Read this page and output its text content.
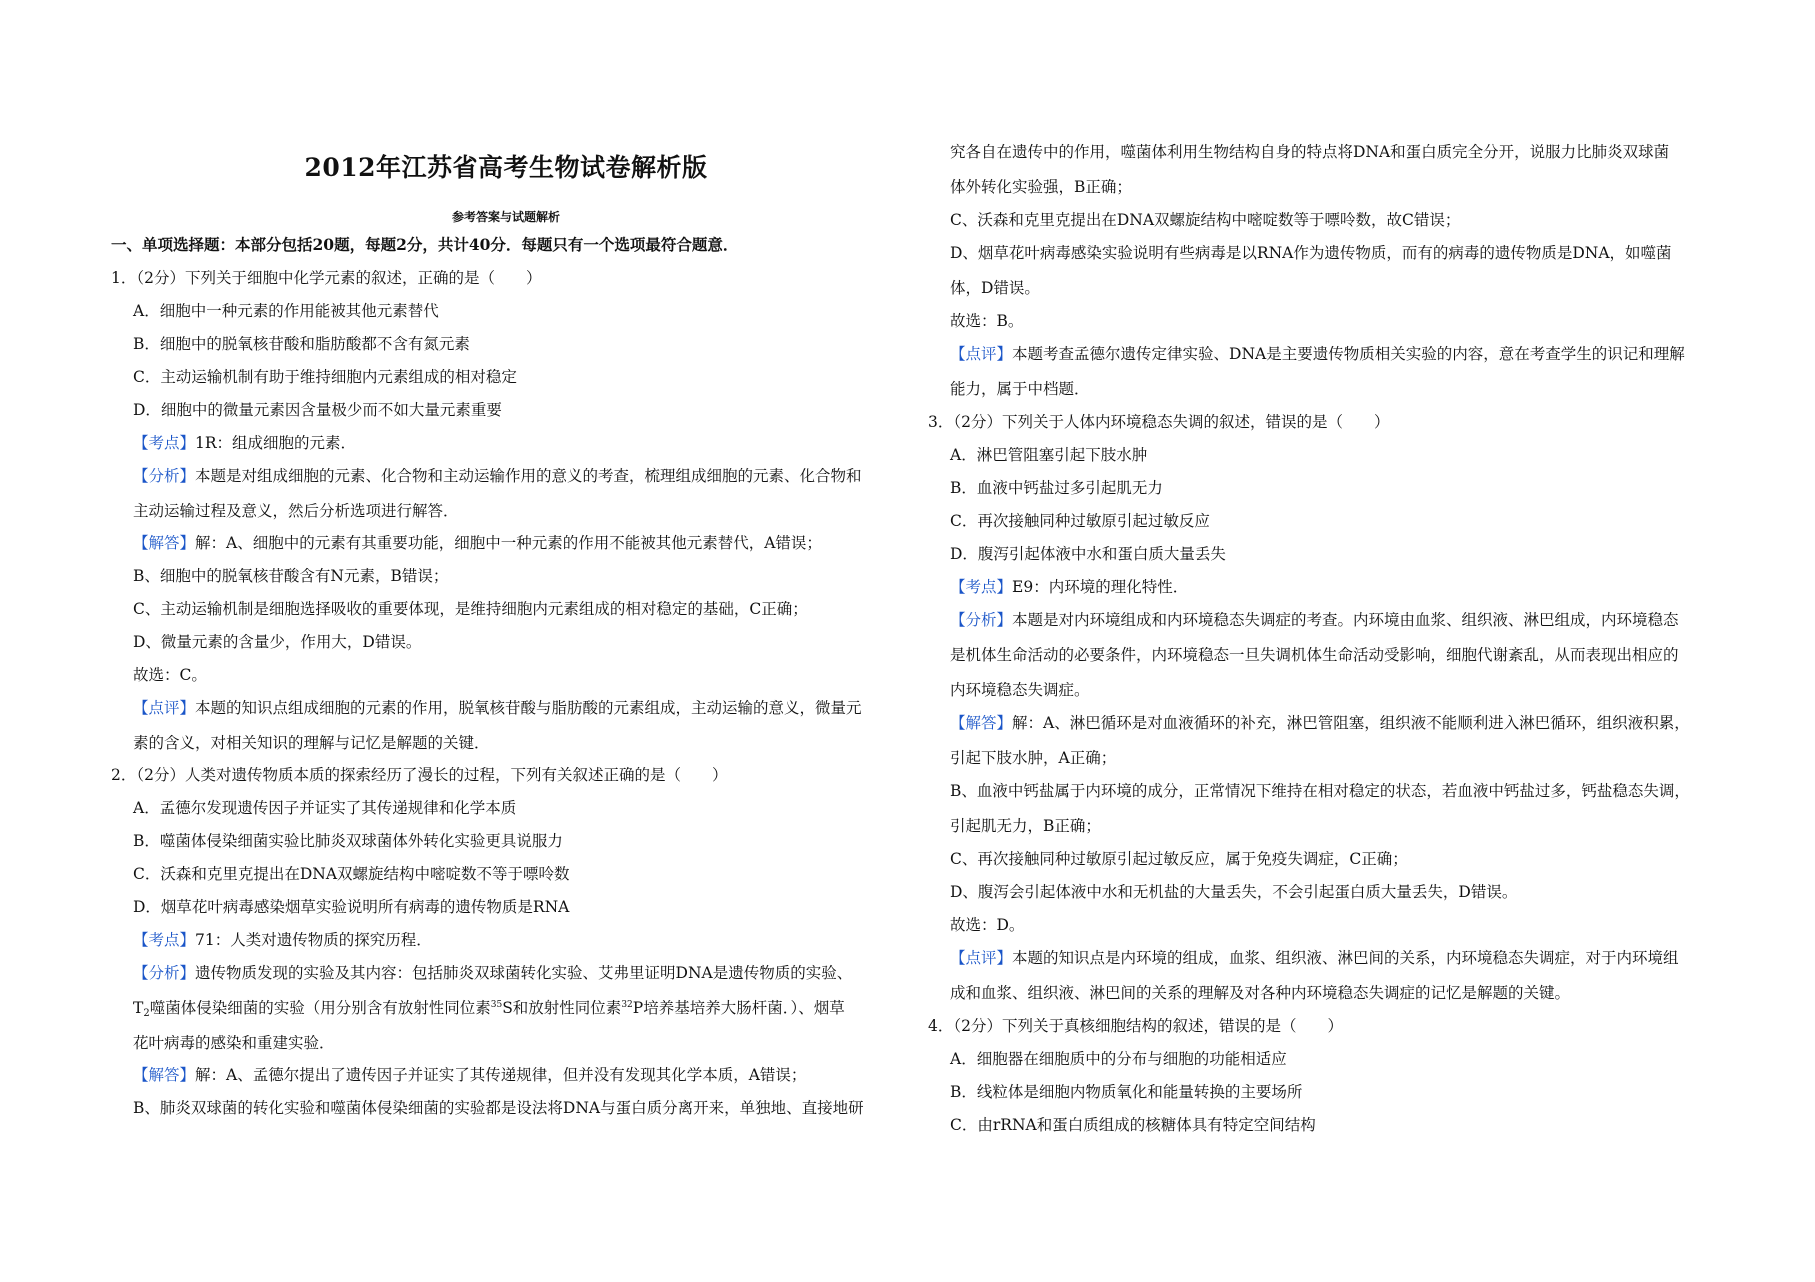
2012年江苏省高考生物试卷解析版
参考答案与试题解析
一、单项选择题：本部分包括20题，每题2分，共计40分．每题只有一个选项最符合题意．
1．（2分）下列关于细胞中化学元素的叙述，正确的是（　　）
A．细胞中一种元素的作用能被其他元素替代
B．细胞中的脱氧核苷酸和脂肪酸都不含有氮元素
C．主动运输机制有助于维持细胞内元素组成的相对稳定
D．细胞中的微量元素因含量极少而不如大量元素重要
【考点】1R：组成细胞的元素．
【分析】本题是对组成细胞的元素、化合物和主动运输作用的意义的考查，梳理组成细胞的元素、化合物和
主动运输过程及意义，然后分析选项进行解答．
【解答】解：A、细胞中的元素有其重要功能，细胞中一种元素的作用不能被其他元素替代，A错误；
B、细胞中的脱氧核苷酸含有N元素，B错误；
C、主动运输机制是细胞选择吸收的重要体现，是维持细胞内元素组成的相对稳定的基础，C正确；
D、微量元素的含量少，作用大，D错误。
故选：C。
【点评】本题的知识点组成细胞的元素的作用，脱氧核苷酸与脂肪酸的元素组成，主动运输的意义，微量元
素的含义，对相关知识的理解与记忆是解题的关键．
2．（2分）人类对遗传物质本质的探索经历了漫长的过程，下列有关叙述正确的是（　　）
A．孟德尔发现遗传因子并证实了其传递规律和化学本质
B．噬菌体侵染细菌实验比肺炎双球菌体外转化实验更具说服力
C．沃森和克里克提出在DNA双螺旋结构中嘧啶数不等于嘌呤数
D．烟草花叶病毒感染烟草实验说明所有病毒的遗传物质是RNA
【考点】71：人类对遗传物质的探究历程．
【分析】遗传物质发现的实验及其内容：包括肺炎双球菌转化实验、艾弗里证明DNA是遗传物质的实验、
$T_2$噬菌体侵染细菌的实验（用分别含有放射性同位素$^{35}$S和放射性同位素$^{32}$P培养基培养大肠杆菌．）、烟草
花叶病毒的感染和重建实验．
【解答】解：A、孟德尔提出了遗传因子并证实了其传递规律，但并没有发现其化学本质，A错误；
B、肺炎双球菌的转化实验和噬菌体侵染细菌的实验都是设法将DNA与蛋白质分离开来，单独地、直接地研
究各自在遗传中的作用，噬菌体利用生物结构自身的特点将DNA和蛋白质完全分开，说服力比肺炎双球菌
体外转化实验强，B正确；
C、沃森和克里克提出在DNA双螺旋结构中嘧啶数等于嘌呤数，故C错误；
D、烟草花叶病毒感染实验说明有些病毒是以RNA作为遗传物质，而有的病毒的遗传物质是DNA，如噬菌
体，D错误。
故选：B。
【点评】本题考查孟德尔遗传定律实验、DNA是主要遗传物质相关实验的内容，意在考查学生的识记和理解
能力，属于中档题．
3．（2分）下列关于人体内环境稳态失调的叙述，错误的是（　　）
A．淋巴管阻塞引起下肢水肿
B．血液中钙盐过多引起肌无力
C．再次接触同种过敏原引起过敏反应
D．腹泻引起体液中水和蛋白质大量丢失
【考点】E9：内环境的理化特性．
【分析】本题是对内环境组成和内环境稳态失调症的考查。内环境由血浆、组织液、淋巴组成，内环境稳态
是机体生命活动的必要条件，内环境稳态一旦失调机体生命活动受影响，细胞代谢紊乱，从而表现出相应的
内环境稳态失调症。
【解答】解：A、淋巴循环是对血液循环的补充，淋巴管阻塞，组织液不能顺利进入淋巴循环，组织液积累，
引起下肢水肿，A正确；
B、血液中钙盐属于内环境的成分，正常情况下维持在相对稳定的状态，若血液中钙盐过多，钙盐稳态失调，
引起肌无力，B正确；
C、再次接触同种过敏原引起过敏反应，属于免疫失调症，C正确；
D、腹泻会引起体液中水和无机盐的大量丢失，不会引起蛋白质大量丢失，D错误。
故选：D。
【点评】本题的知识点是内环境的组成，血浆、组织液、淋巴间的关系，内环境稳态失调症，对于内环境组
成和血浆、组织液、淋巴间的关系的理解及对各种内环境稳态失调症的记忆是解题的关键。
4．（2分）下列关于真核细胞结构的叙述，错误的是（　　）
A．细胞器在细胞质中的分布与细胞的功能相适应
B．线粒体是细胞内物质氧化和能量转换的主要场所
C．由rRNA和蛋白质组成的核糖体具有特定空间结构
